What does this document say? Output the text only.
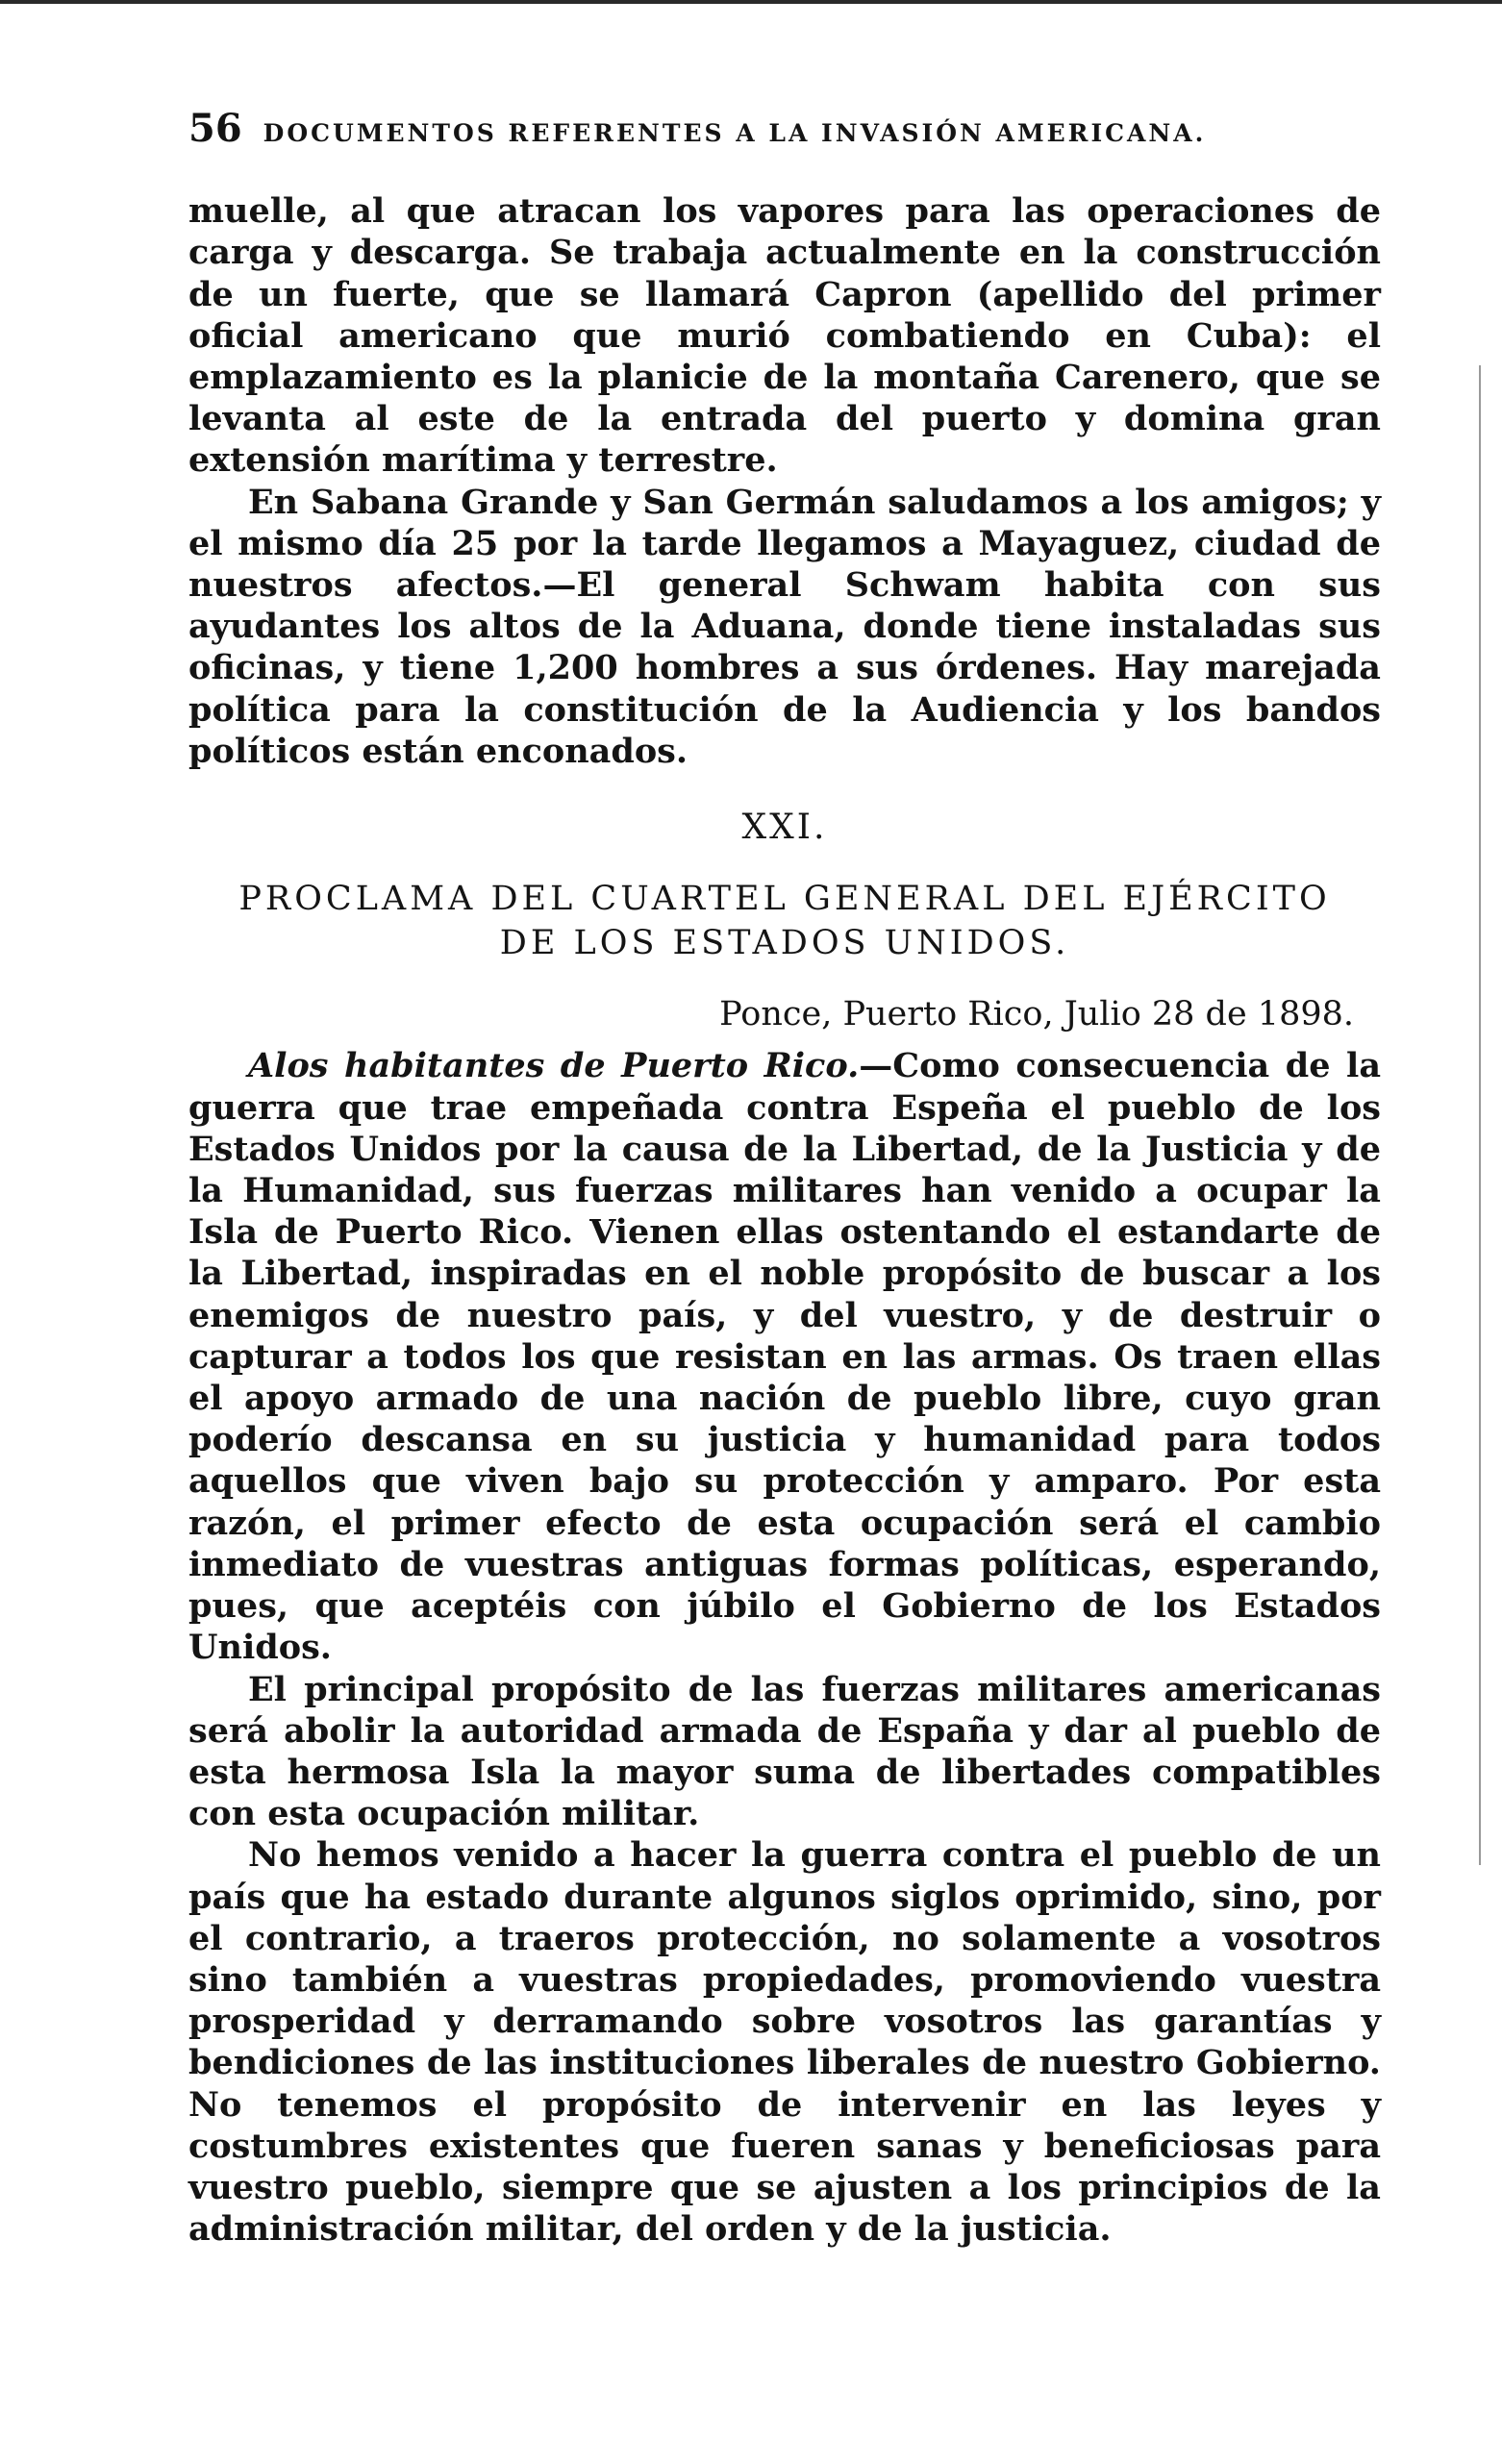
56 DOCUMENTOS REFERENTES A LA INVASIÓN AMERICANA.

muelle, al que atracan los vapores para las operaciones de carga y descarga. Se trabaja actualmente en la construcción de un fuerte, que se llamará Capron (apellido del primer oficial americano que murió combatiendo en Cuba): el emplazamiento es la planicie de la montaña Carenero, que se levanta al este de la entrada del puerto y domina gran extensión marítima y terrestre.

En Sabana Grande y San Germán saludamos a los amigos; y el mismo día 25 por la tarde llegamos a Mayaguez, ciudad de nuestros afectos.—El general Schwam habita con sus ayudantes los altos de la Aduana, donde tiene instaladas sus oficinas, y tiene 1,200 hombres a sus órdenes. Hay marejada política para la constitución de la Audiencia y los bandos políticos están enconados.

XXI.
PROCLAMA DEL CUARTEL GENERAL DEL EJÉRCITO
DE LOS ESTADOS UNIDOS.
Ponce, Puerto Rico, Julio 28 de 1898.

Alos habitantes de Puerto Rico.—Como consecuencia de la guerra que trae empeñada contra Espeña el pueblo de los Estados Unidos por la causa de la Libertad, de la Justicia y de la Humanidad, sus fuerzas militares han venido a ocupar la Isla de Puerto Rico. Vienen ellas ostentando el estandarte de la Libertad, inspiradas en el noble propósito de buscar a los enemigos de nuestro país, y del vuestro, y de destruir o capturar a todos los que resistan en las armas. Os traen ellas el apoyo armado de una nación de pueblo libre, cuyo gran poderío descansa en su justicia y humanidad para todos aquellos que viven bajo su protección y amparo. Por esta razón, el primer efecto de esta ocupación será el cambio inmediato de vuestras antiguas formas políticas, esperando, pues, que aceptéis con júbilo el Gobierno de los Estados Unidos.

El principal propósito de las fuerzas militares americanas será abolir la autoridad armada de España y dar al pueblo de esta hermosa Isla la mayor suma de libertades compatibles con esta ocupación militar.

No hemos venido a hacer la guerra contra el pueblo de un país que ha estado durante algunos siglos oprimido, sino, por el contrario, a traeros protección, no solamente a vosotros sino también a vuestras propiedades, promoviendo vuestra prosperidad y derramando sobre vosotros las garantías y bendiciones de las instituciones liberales de nuestro Gobierno. No tenemos el propósito de intervenir en las leyes y costumbres existentes que fueren sanas y beneficiosas para vuestro pueblo, siempre que se ajusten a los principios de la administración militar, del orden y de la justicia.
